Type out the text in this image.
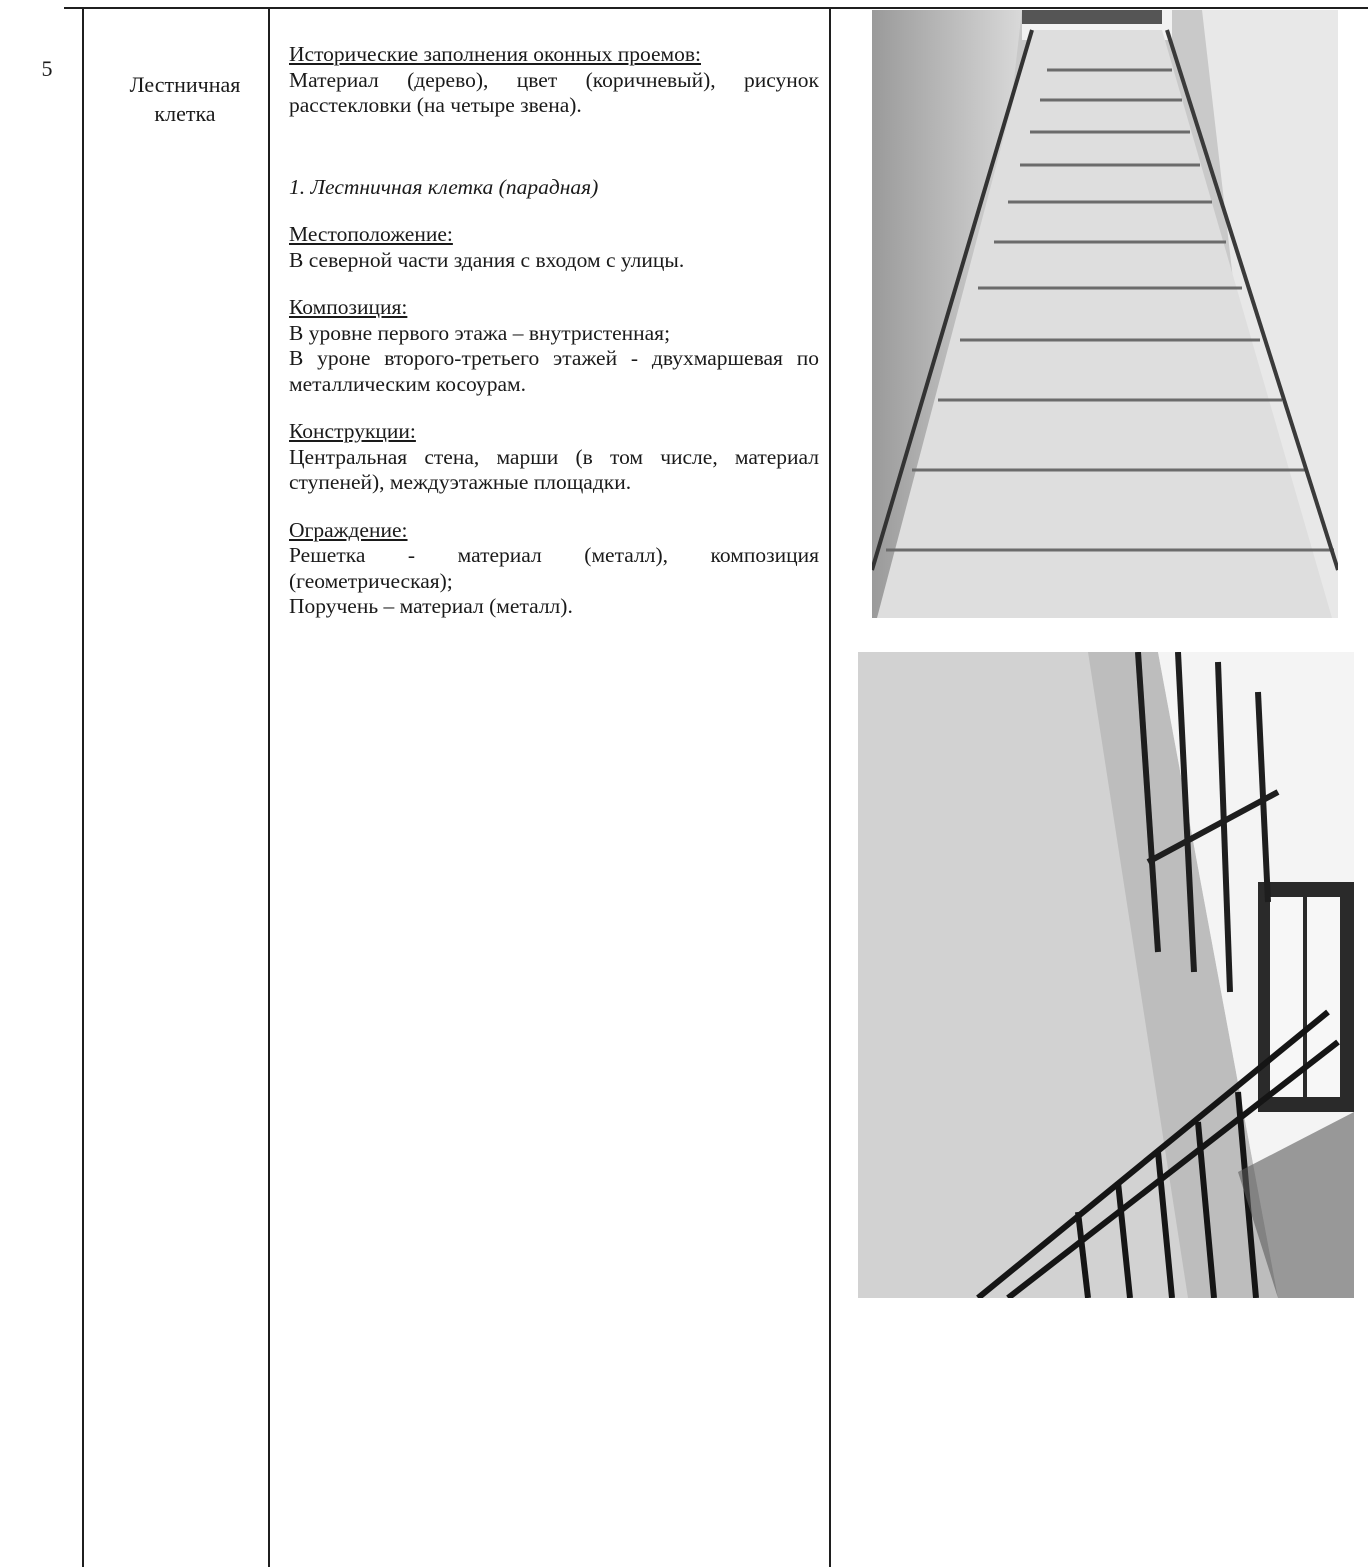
5
Лестничная
клетка
Исторические заполнения оконных проемов:
Материал (дерево), цвет (коричневый), рисунок расстекловки (на четыре звена).
1. Лестничная клетка (парадная)
Местоположение:
В северной части здания с входом с улицы.
Композиция:
В уровне первого этажа – внутристенная;
В уроне второго-третьего этажей - двухмаршевая по металлическим косоурам.
Конструкции:
Центральная стена, марши (в том числе, материал ступеней), междуэтажные площадки.
Ограждение:
Решетка - материал (металл), композиция (геометрическая);
Поручень – материал (металл).
